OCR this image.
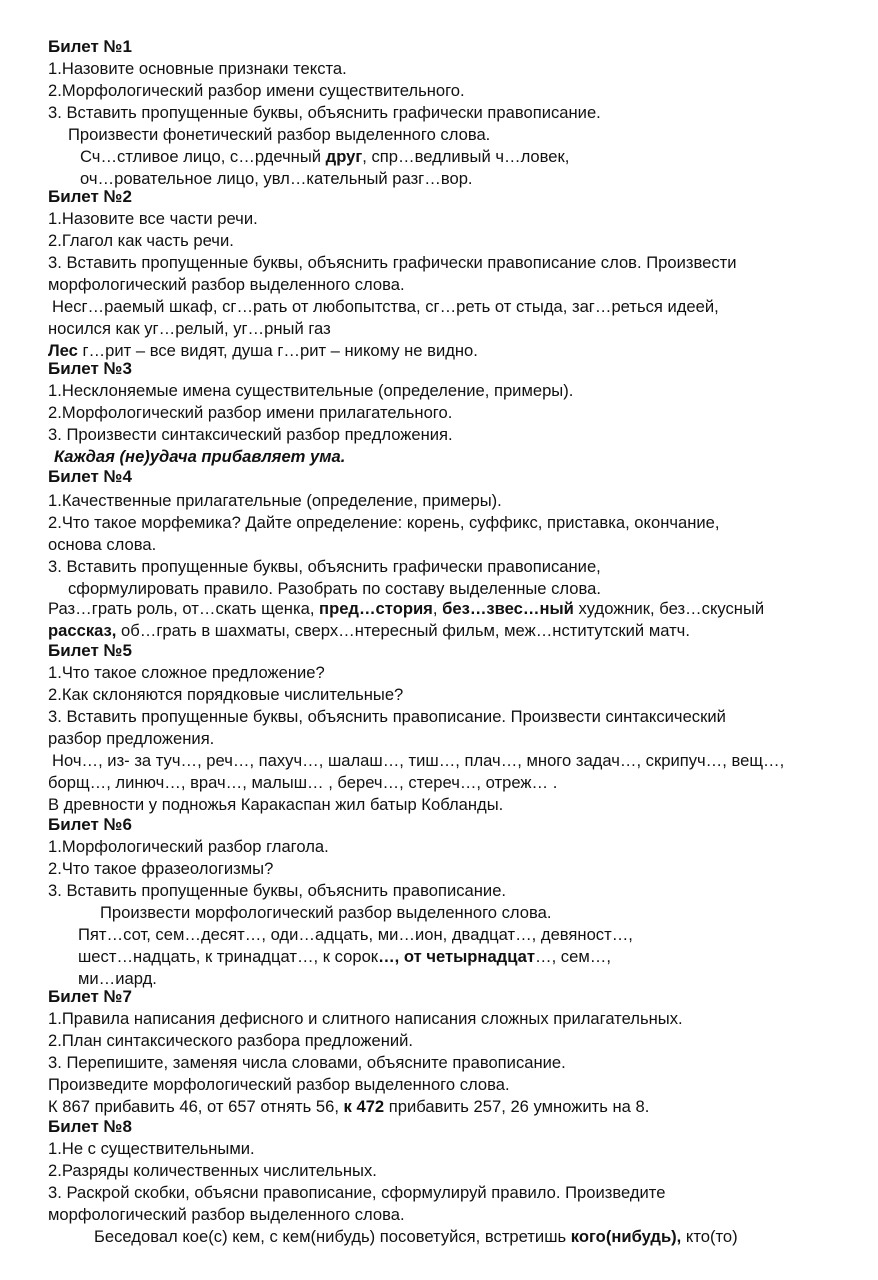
Билет №1
1.Назовите основные признаки текста.
2.Морфологический разбор имени существительного.
3. Вставить пропущенные буквы, объяснить графически правописание.
Произвести фонетический разбор выделенного слова.
Сч…стливое лицо, с…рдечный друг, спр…ведливый ч…ловек,
оч…ровательное лицо, увл…кательный разг…вор.
Билет №2
1.Назовите все части речи.
2.Глагол как часть речи.
3. Вставить пропущенные буквы, объяснить графически правописание слов. Произвести
морфологический разбор выделенного слова.
Несг…раемый шкаф, сг…рать от любопытства, сг…реть от стыда, заг…реться идеей,
носился как уг…релый, уг…рный газ
Лес г…рит – все видят, душа г…рит – никому не видно.
Билет №3
1.Несклоняемые имена существительные (определение, примеры).
2.Морфологический разбор имени прилагательного.
3. Произвести синтаксический разбор предложения.
Каждая (не)удача прибавляет ума.
Билет №4
1.Качественные прилагательные (определение, примеры).
2.Что такое морфемика? Дайте определение: корень, суффикс, приставка, окончание,
основа слова.
3. Вставить пропущенные буквы, объяснить графически правописание,
сформулировать правило. Разобрать по составу выделенные слова.
Раз…грать роль, от…скать щенка, пред…стория, без…звес…ный художник, без…скусный
рассказ, об…грать в шахматы, сверх…нтересный фильм, меж…нститутский матч.
Билет №5
1.Что такое сложное предложение?
2.Как склоняются порядковые числительные?
3. Вставить пропущенные буквы, объяснить правописание. Произвести синтаксический
разбор предложения.
Ноч…, из- за туч…, реч…, пахуч…, шалаш…, тиш…, плач…, много задач…, скрипуч…, вещ…,
борщ…, линюч…, врач…, малыш… , береч…, стереч…, отреж… .
В древности у подножья Каракаспан жил батыр Кобланды.
Билет №6
1.Морфологический разбор глагола.
2.Что такое фразеологизмы?
3. Вставить пропущенные буквы, объяснить правописание.
Произвести морфологический разбор выделенного слова.
Пят…сот, сем…десят…, оди…адцать, ми…ион, двадцат…, девяност…,
шест…надцать, к тринадцат…, к сорок…, от четырнадцат…, сем…,
ми…иард.
Билет №7
1.Правила написания дефисного и слитного написания сложных прилагательных.
2.План синтаксического разбора предложений.
3. Перепишите, заменяя числа словами, объясните правописание.
Произведите морфологический разбор выделенного слова.
К 867 прибавить 46, от 657 отнять 56, к 472 прибавить 257, 26 умножить на 8.
Билет №8
1.Не с существительными.
2.Разряды количественных числительных.
3. Раскрой скобки, объясни правописание, сформулируй правило. Произведите
морфологический разбор выделенного слова.
Беседовал кое(с) кем, с кем(нибудь) посоветуйся, встретишь кого(нибудь), кто(то)
